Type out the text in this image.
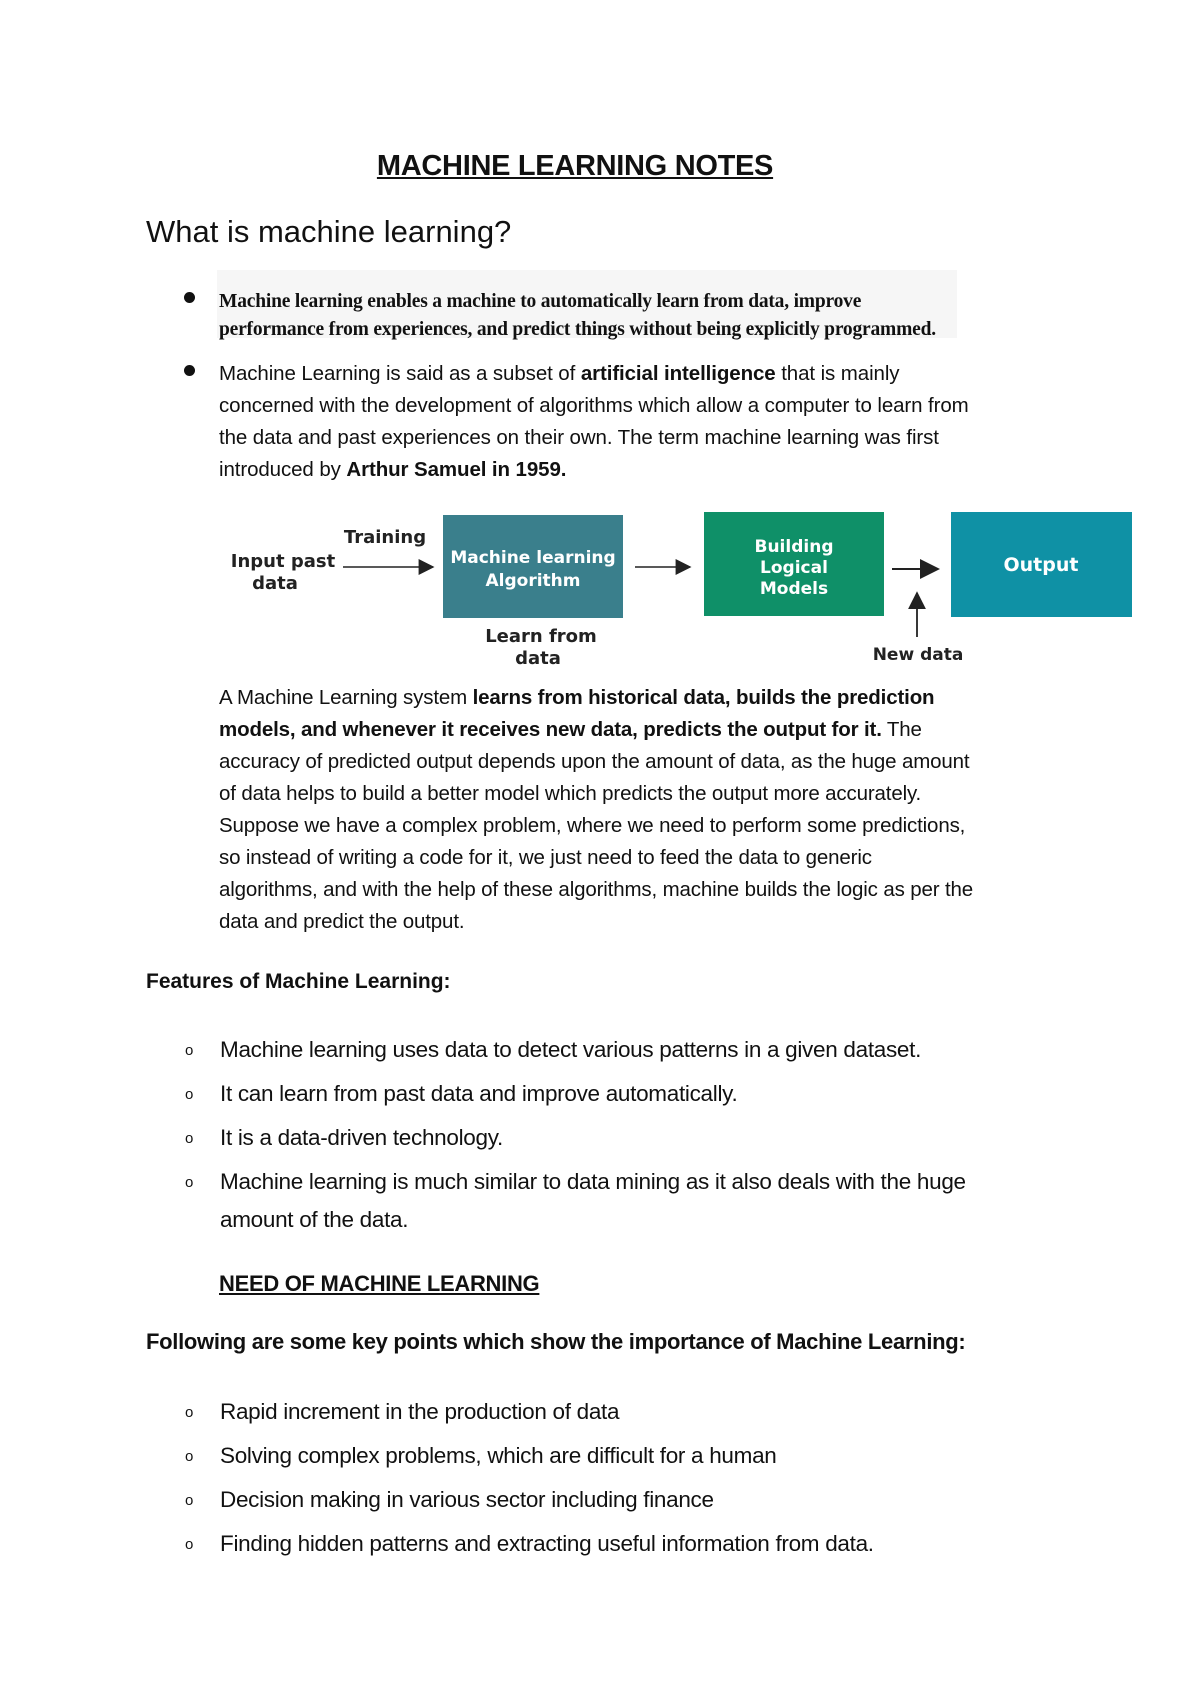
MACHINE LEARNING NOTES
What is machine learning?
Machine learning enables a machine to automatically learn from data, improve
performance from experiences, and predict things without being explicitly programmed.
Machine Learning is said as a subset of artificial intelligence that is mainly
concerned with the development of algorithms which allow a computer to learn from
the data and past experiences on their own. The term machine learning was first
introduced by Arthur Samuel in 1959.
Input past
data
Training
Machine learning
Algorithm
Learn from
data
Building
Logical
Models
New data
Output
A Machine Learning system learns from historical data, builds the prediction
models, and whenever it receives new data, predicts the output for it. The
accuracy of predicted output depends upon the amount of data, as the huge amount
of data helps to build a better model which predicts the output more accurately.
Suppose we have a complex problem, where we need to perform some predictions,
so instead of writing a code for it, we just need to feed the data to generic
algorithms, and with the help of these algorithms, machine builds the logic as per the
data and predict the output.
Features of Machine Learning:
o Machine learning uses data to detect various patterns in a given dataset.
o It can learn from past data and improve automatically.
o It is a data-driven technology.
o Machine learning is much similar to data mining as it also deals with the huge
amount of the data.
NEED OF MACHINE LEARNING
Following are some key points which show the importance of Machine Learning:
o Rapid increment in the production of data
o Solving complex problems, which are difficult for a human
o Decision making in various sector including finance
o Finding hidden patterns and extracting useful information from data.
